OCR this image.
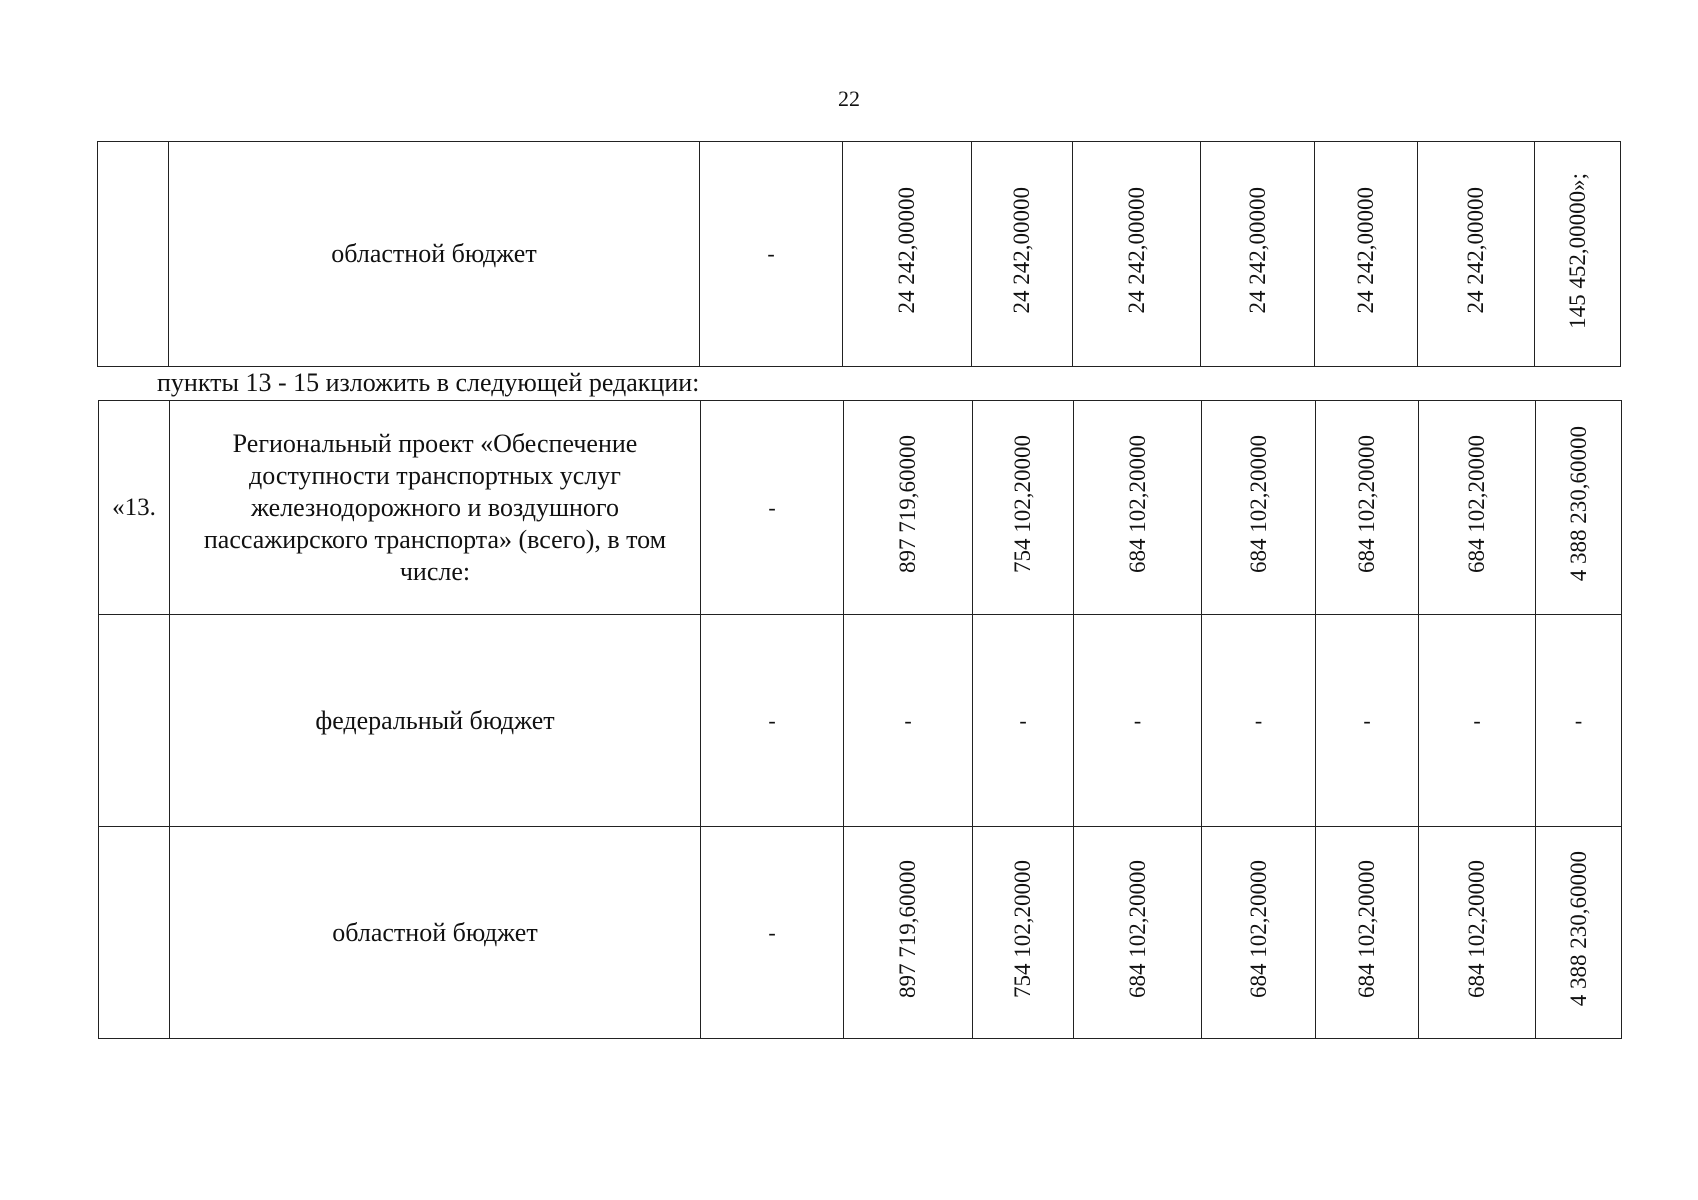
22
	областной бюджет	-	24 242,00000	24 242,00000	24 242,00000	24 242,00000	24 242,00000	24 242,00000	145 452,00000»;
пункты 13 - 15 изложить в следующей редакции:
«13.	Региональный проект «Обеспечение доступности транспортных услуг железнодорожного и воздушного пассажирского транспорта» (всего), в том числе:	-	897 719,60000	754 102,20000	684 102,20000	684 102,20000	684 102,20000	684 102,20000	4 388 230,60000
	федеральный бюджет	-	-	-	-	-	-	-	-
	областной бюджет	-	897 719,60000	754 102,20000	684 102,20000	684 102,20000	684 102,20000	684 102,20000	4 388 230,60000
